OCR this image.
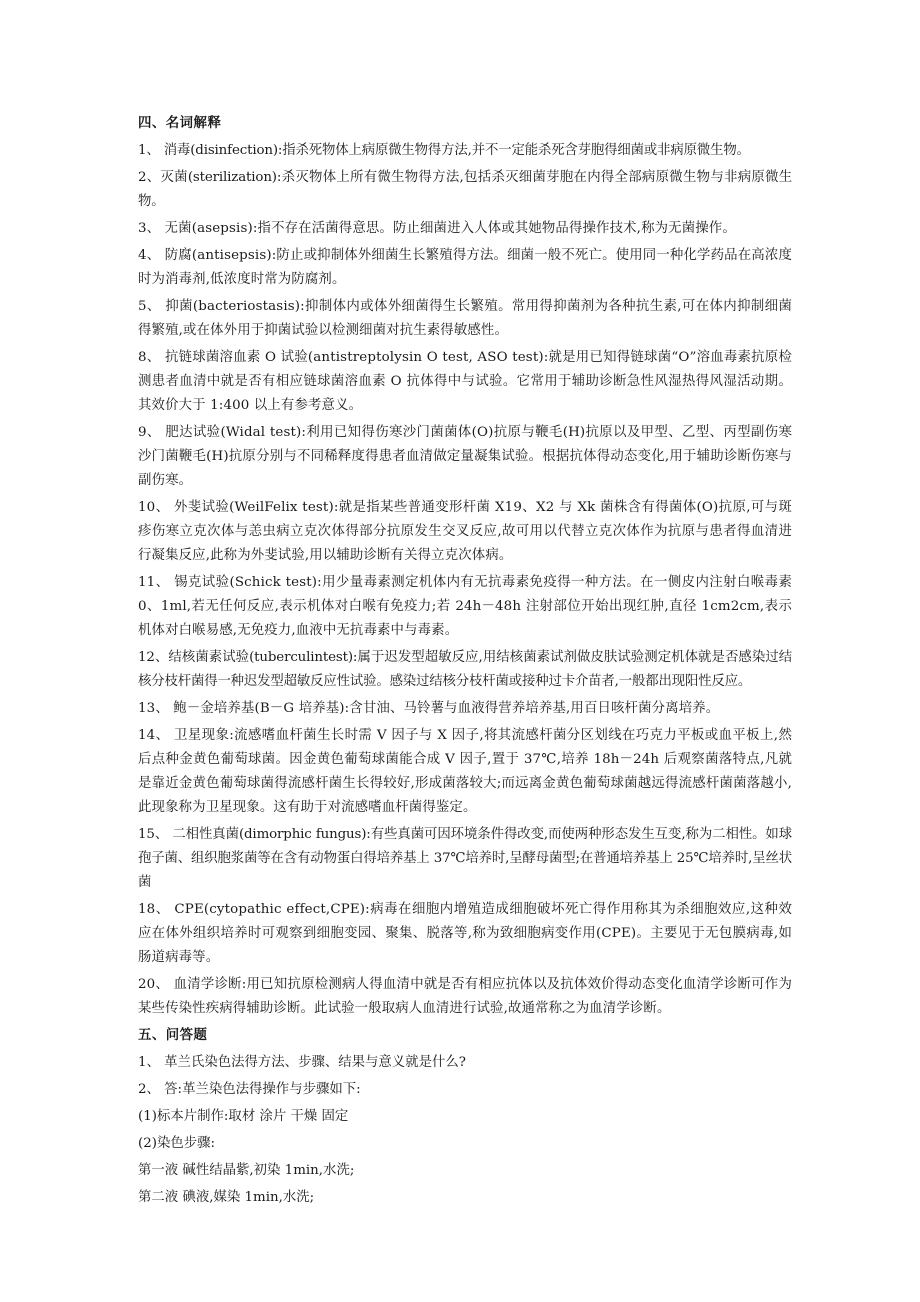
四、名词解释
1、 消毒(disinfection):指杀死物体上病原微生物得方法,并不一定能杀死含芽胞得细菌或非病原微生物。
2、灭菌(sterilization):杀灭物体上所有微生物得方法,包括杀灭细菌芽胞在内得全部病原微生物与非病原微生物。
3、 无菌(asepsis):指不存在活菌得意思。防止细菌进入人体或其她物品得操作技术,称为无菌操作。
4、 防腐(antisepsis):防止或抑制体外细菌生长繁殖得方法。细菌一般不死亡。使用同一种化学药品在高浓度时为消毒剂,低浓度时常为防腐剂。
5、 抑菌(bacteriostasis):抑制体内或体外细菌得生长繁殖。常用得抑菌剂为各种抗生素,可在体内抑制细菌得繁殖,或在体外用于抑菌试验以检测细菌对抗生素得敏感性。
8、 抗链球菌溶血素 O 试验(antistreptolysin O test, ASO test):就是用已知得链球菌“O”溶血毒素抗原检测患者血清中就是否有相应链球菌溶血素 O 抗体得中与试验。它常用于辅助诊断急性风湿热得风湿活动期。其效价大于 1:400 以上有参考意义。
9、 肥达试验(Widal test):利用已知得伤寒沙门菌菌体(O)抗原与鞭毛(H)抗原以及甲型、乙型、丙型副伤寒沙门菌鞭毛(H)抗原分别与不同稀释度得患者血清做定量凝集试验。根据抗体得动态变化,用于辅助诊断伤寒与副伤寒。
10、 外斐试验(WeilFelix test):就是指某些普通变形杆菌 X19、X2 与 Xk 菌株含有得菌体(O)抗原,可与斑疹伤寒立克次体与恙虫病立克次体得部分抗原发生交叉反应,故可用以代替立克次体作为抗原与患者得血清进行凝集反应,此称为外斐试验,用以辅助诊断有关得立克次体病。
11、 锡克试验(Schick test):用少量毒素测定机体内有无抗毒素免疫得一种方法。在一侧皮内注射白喉毒素 0、1ml,若无任何反应,表示机体对白喉有免疫力;若 24h－48h 注射部位开始出现红肿,直径 1cm2cm,表示机体对白喉易感,无免疫力,血液中无抗毒素中与毒素。
12、结核菌素试验(tuberculintest):属于迟发型超敏反应,用结核菌素试剂做皮肤试验测定机体就是否感染过结核分枝杆菌得一种迟发型超敏反应性试验。感染过结核分枝杆菌或接种过卡介苗者,一般都出现阳性反应。
13、 鲍－金培养基(B－G 培养基):含甘油、马铃薯与血液得营养培养基,用百日咳杆菌分离培养。
14、 卫星现象:流感嗜血杆菌生长时需 V 因子与 X 因子,将其流感杆菌分区划线在巧克力平板或血平板上,然后点种金黄色葡萄球菌。因金黄色葡萄球菌能合成 V 因子,置于 37℃,培养 18h－24h 后观察菌落特点,凡就是靠近金黄色葡萄球菌得流感杆菌生长得较好,形成菌落较大;而远离金黄色葡萄球菌越远得流感杆菌菌落越小,此现象称为卫星现象。这有助于对流感嗜血杆菌得鉴定。
15、 二相性真菌(dimorphic fungus):有些真菌可因环境条件得改变,而使两种形态发生互变,称为二相性。如球孢子菌、组织胞浆菌等在含有动物蛋白得培养基上 37℃培养时,呈酵母菌型;在普通培养基上 25℃培养时,呈丝状菌
18、 CPE(cytopathic effect,CPE):病毒在细胞内增殖造成细胞破坏死亡得作用称其为杀细胞效应,这种效应在体外组织培养时可观察到细胞变园、聚集、脱落等,称为致细胞病变作用(CPE)。主要见于无包膜病毒,如肠道病毒等。
20、 血清学诊断:用已知抗原检测病人得血清中就是否有相应抗体以及抗体效价得动态变化血清学诊断可作为某些传染性疾病得辅助诊断。此试验一般取病人血清进行试验,故通常称之为血清学诊断。
五、问答题
1、 革兰氏染色法得方法、步骤、结果与意义就是什么?
2、 答:革兰染色法得操作与步骤如下:
(1)标本片制作:取材 涂片 干燥 固定
(2)染色步骤:
第一液 碱性结晶紫,初染 1min,水洗;
第二液 碘液,媒染 1min,水洗;
